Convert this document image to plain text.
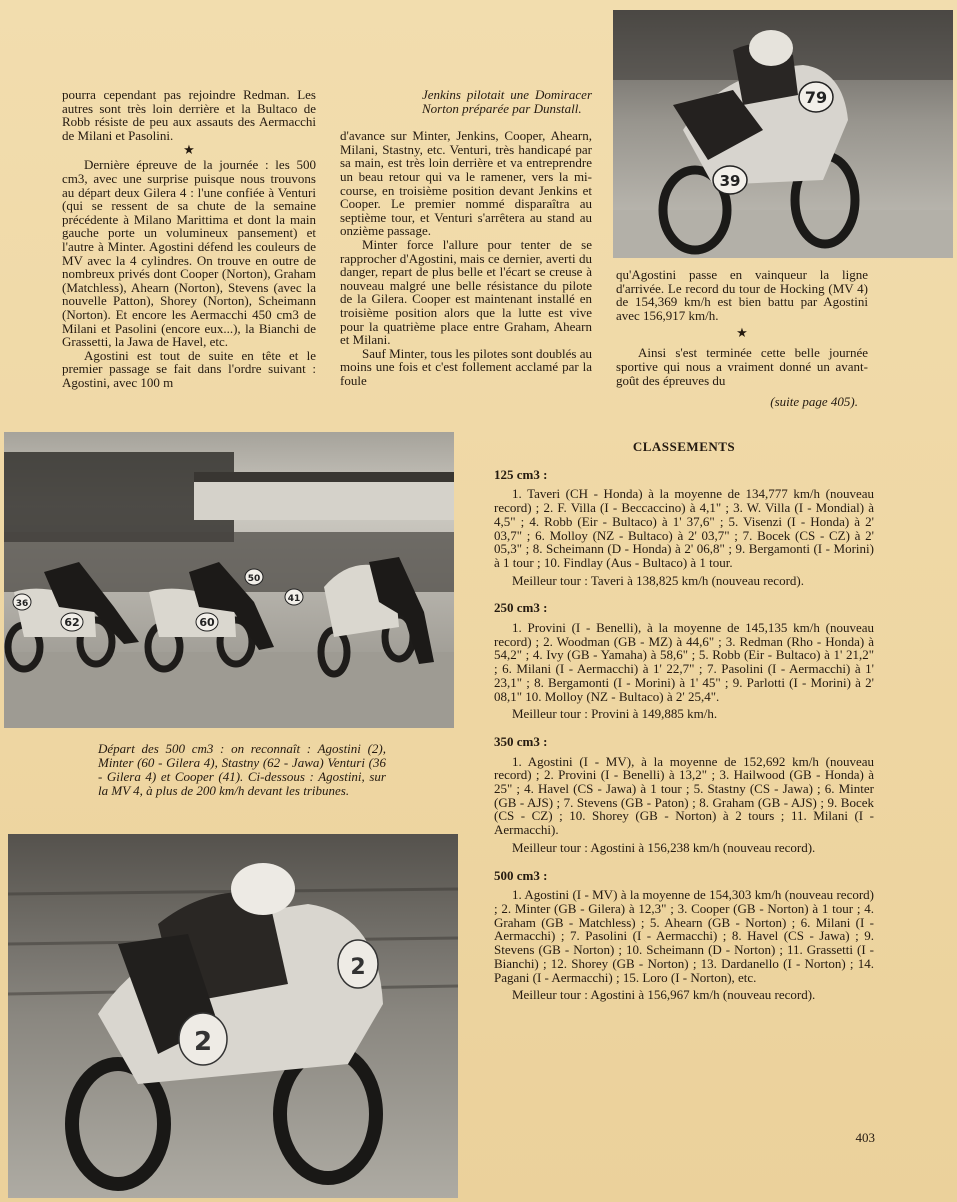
pourra cependant pas rejoindre Redman. Les autres sont très loin derrière et la Bultaco de Robb résiste de peu aux assauts des Aermacchi de Milani et Pasolini.

★

Dernière épreuve de la journée : les 500 cm3, avec une surprise puisque nous trouvons au départ deux Gilera 4 : l'une confiée à Venturi (qui se ressent de sa chute de la semaine précédente à Milano Marittima et dont la main gauche porte un volumineux pansement) et l'autre à Minter. Agostini défend les couleurs de MV avec la 4 cylindres. On trouve en outre de nombreux privés dont Cooper (Norton), Graham (Matchless), Ahearn (Norton), Stevens (avec la nouvelle Patton), Shorey (Norton), Scheimann (Norton). Et encore les Aermacchi 450 cm3 de Milani et Pasolini (encore eux...), la Bianchi de Grassetti, la Jawa de Havel, etc.

Agostini est tout de suite en tête et le premier passage se fait dans l'ordre suivant : Agostini, avec 100 m

Jenkins pilotait une Domiracer Norton préparée par Dunstall.

d'avance sur Minter, Jenkins, Cooper, Ahearn, Milani, Stastny, etc. Venturi, très handicapé par sa main, est très loin derrière et va entreprendre un beau retour qui va le ramener, vers la mi-course, en troisième position devant Jenkins et Cooper. Le premier nommé disparaîtra au septième tour, et Venturi s'arrêtera au stand au onzième passage.

Minter force l'allure pour tenter de se rapprocher d'Agostini, mais ce dernier, averti du danger, repart de plus belle et l'écart se creuse à nouveau malgré une belle résistance du pilote de la Gilera. Cooper est maintenant installé en troisième position alors que la lutte est vive pour la quatrième place entre Graham, Ahearn et Milani.

Sauf Minter, tous les pilotes sont doublés au moins une fois et c'est follement acclamé par la foule

79
39

qu'Agostini passe en vainqueur la ligne d'arrivée. Le record du tour de Hocking (MV 4) de 154,369 km/h est bien battu par Agostini avec 156,917 km/h.

★

Ainsi s'est terminée cette belle journée sportive qui nous a vraiment donné un avant-goût des épreuves du

(suite page 405).

62	60
36	41
50
Départ des 500 cm3 : on reconnaît : Agostini (2), Minter (60 - Gilera 4), Stastny (62 - Jawa) Venturi (36 - Gilera 4) et Cooper (41). Ci-dessous : Agostini, sur la MV 4, à plus de 200 km/h devant les tribunes.
2
2
CLASSEMENTS

125 cm3 :

1. Taveri (CH - Honda) à la moyenne de 134,777 km/h (nouveau record) ; 2. F. Villa (I - Beccaccino) à 4,1" ; 3. W. Villa (I - Mondial) à 4,5" ; 4. Robb (Eir - Bultaco) à 1' 37,6" ; 5. Visenzi (I - Honda) à 2' 03,7" ; 6. Molloy (NZ - Bultaco) à 2' 03,7" ; 7. Bocek (CS - CZ) à 2' 05,3" ; 8. Scheimann (D - Honda) à 2' 06,8" ; 9. Bergamonti (I - Morini) à 1 tour ; 10. Findlay (Aus - Bultaco) à 1 tour.

Meilleur tour : Taveri à 138,825 km/h (nouveau record).

250 cm3 :

1. Provini (I - Benelli), à la moyenne de 145,135 km/h (nouveau record) ; 2. Woodman (GB - MZ) à 44,6" ; 3. Redman (Rho - Honda) à 54,2" ; 4. Ivy (GB - Yamaha) à 58,6" ; 5. Robb (Eir - Bultaco) à 1' 21,2" ; 6. Milani (I - Aermacchi) à 1' 22,7" ; 7. Pasolini (I - Aermacchi) à 1' 23,1" ; 8. Bergamonti (I - Morini) à 1' 45" ; 9. Parlotti (I - Morini) à 2' 08,1" 10. Molloy (NZ - Bultaco) à 2' 25,4".

Meilleur tour : Provini à 149,885 km/h.

350 cm3 :

1. Agostini (I - MV), à la moyenne de 152,692 km/h (nouveau record) ; 2. Provini (I - Benelli) à 13,2" ; 3. Hailwood (GB - Honda) à 25" ; 4. Havel (CS - Jawa) à 1 tour ; 5. Stastny (CS - Jawa) ; 6. Minter (GB - AJS) ; 7. Stevens (GB - Paton) ; 8. Graham (GB - AJS) ; 9. Bocek (CS - CZ) ; 10. Shorey (GB - Norton) à 2 tours ; 11. Milani (I - Aermacchi).

Meilleur tour : Agostini à 156,238 km/h (nouveau record).

500 cm3 :

1. Agostini (I - MV) à la moyenne de 154,303 km/h (nouveau record) ; 2. Minter (GB - Gilera) à 12,3" ; 3. Cooper (GB - Norton) à 1 tour ; 4. Graham (GB - Matchless) ; 5. Ahearn (GB - Norton) ; 6. Milani (I - Aermacchi) ; 7. Pasolini (I - Aermacchi) ; 8. Havel (CS - Jawa) ; 9. Stevens (GB - Norton) ; 10. Scheimann (D - Norton) ; 11. Grassetti (I - Bianchi) ; 12. Shorey (GB - Norton) ; 13. Dardanello (I - Norton) ; 14. Pagani (I - Aermacchi) ; 15. Loro (I - Norton), etc.

Meilleur tour : Agostini à 156,967 km/h (nouveau record).

403
